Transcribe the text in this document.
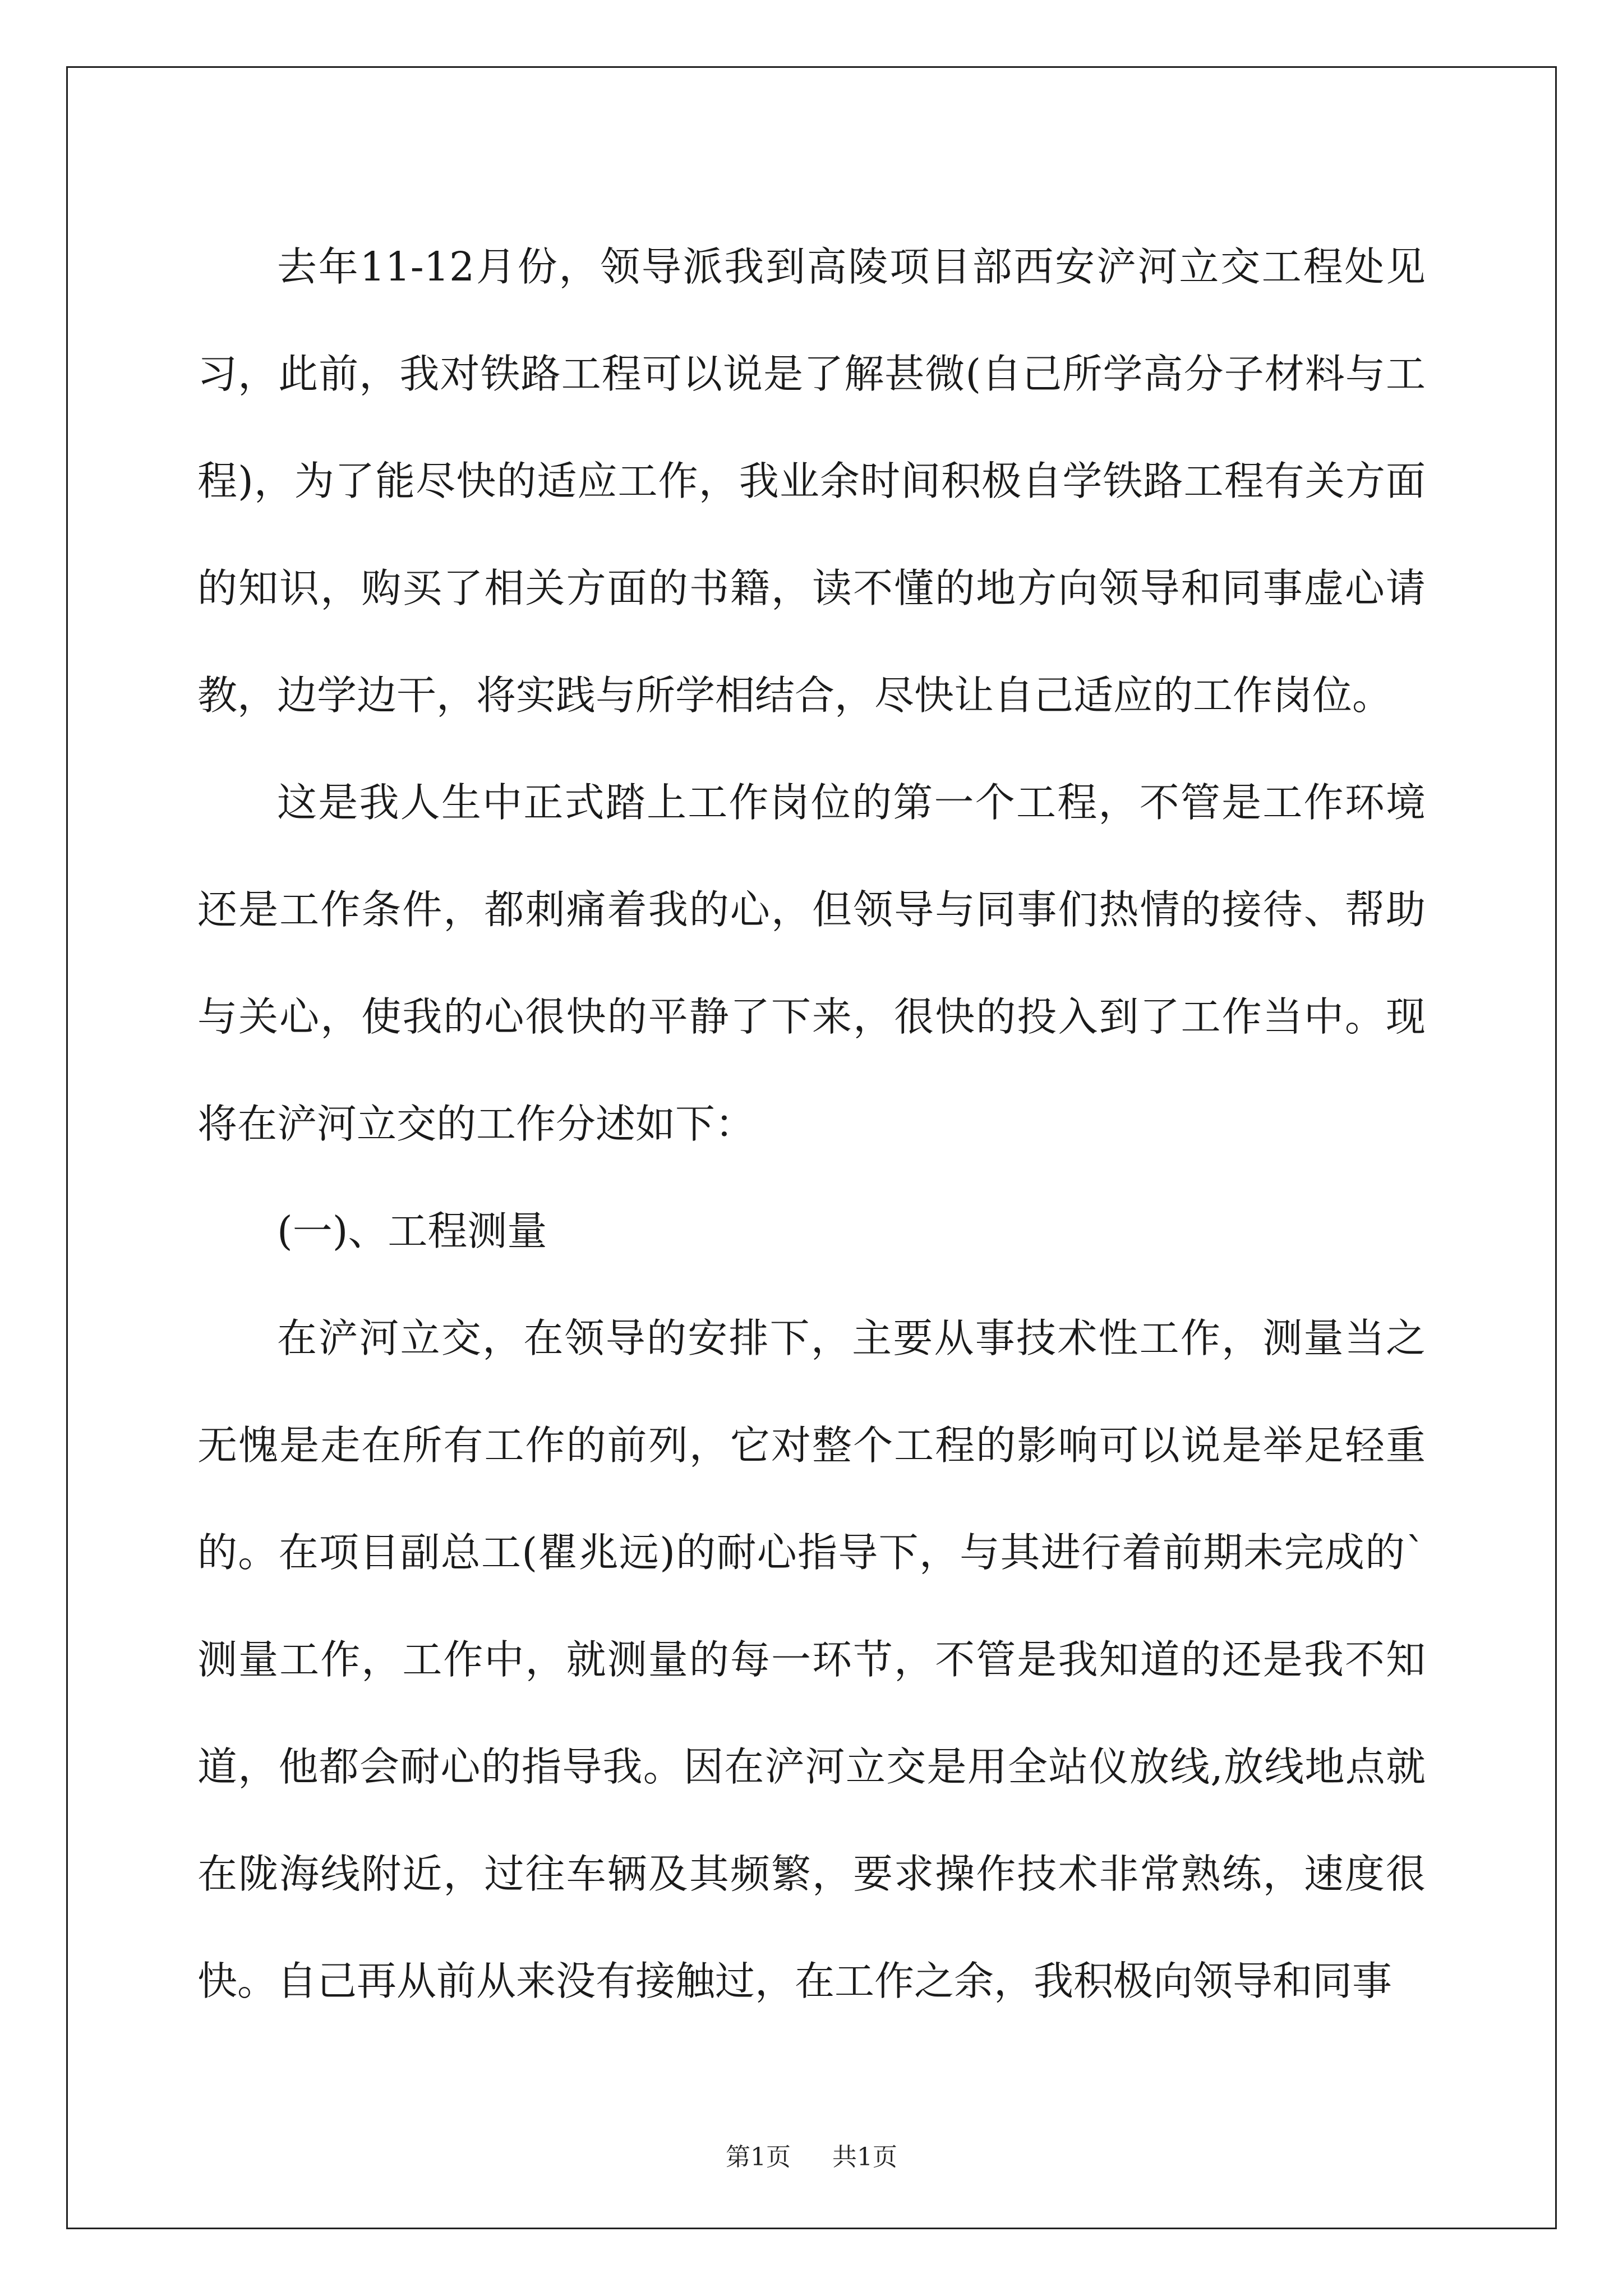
去年11-12月份，领导派我到高陵项目部西安浐河立交工程处见习，此前，我对铁路工程可以说是了解甚微(自己所学高分子材料与工程)，为了能尽快的适应工作，我业余时间积极自学铁路工程有关方面的知识，购买了相关方面的书籍，读不懂的地方向领导和同事虚心请教，边学边干，将实践与所学相结合，尽快让自己适应的工作岗位。

这是我人生中正式踏上工作岗位的第一个工程，不管是工作环境还是工作条件，都刺痛着我的心，但领导与同事们热情的接待、帮助与关心，使我的心很快的平静了下来，很快的投入到了工作当中。现将在浐河立交的工作分述如下：

(一)、工程测量

在浐河立交，在领导的安排下，主要从事技术性工作，测量当之无愧是走在所有工作的前列，它对整个工程的影响可以说是举足轻重的。在项目副总工(瞿兆远)的耐心指导下，与其进行着前期未完成的`测量工作，工作中，就测量的每一环节，不管是我知道的还是我不知道，他都会耐心的指导我。因在浐河立交是用全站仪放线,放线地点就在陇海线附近，过往车辆及其频繁，要求操作技术非常熟练，速度很快。自己再从前从来没有接触过，在工作之余，我积极向领导和同事

第1页 共1页
